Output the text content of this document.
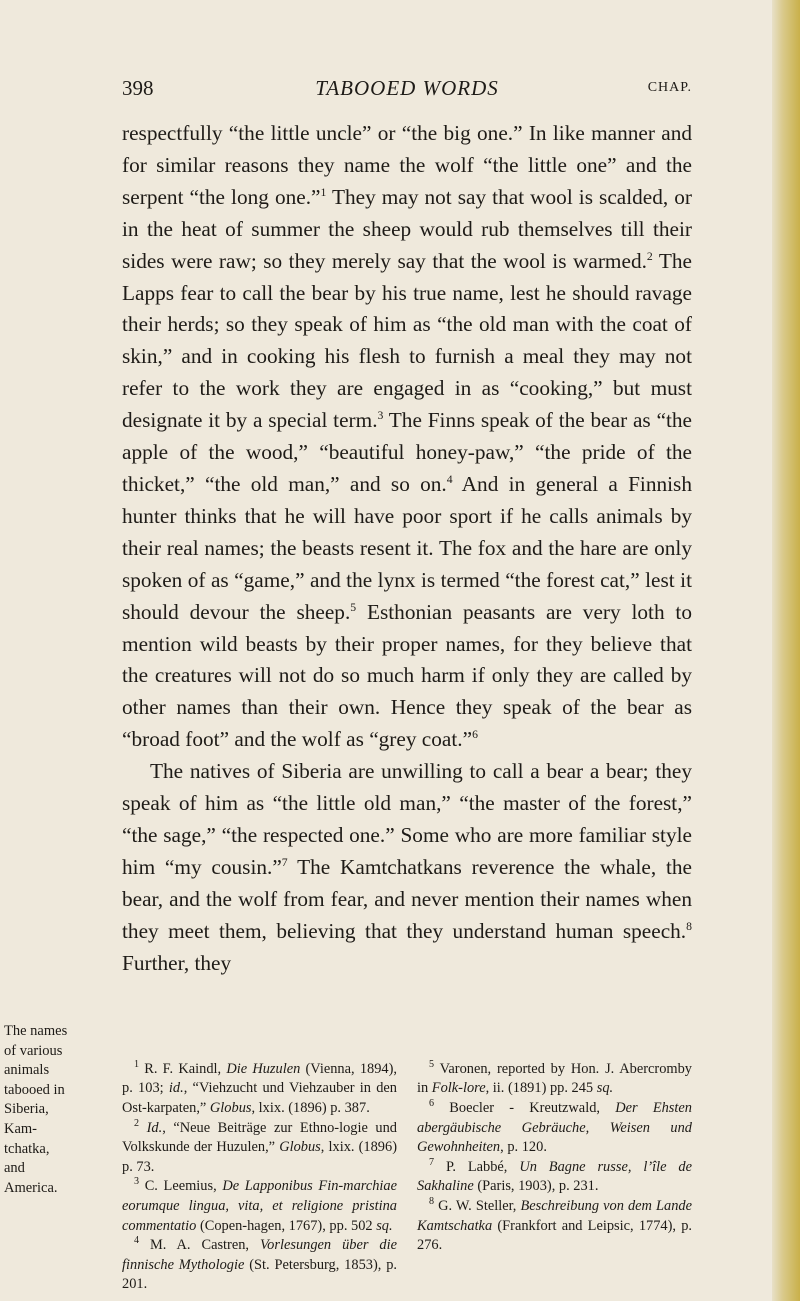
398	TABOOED WORDS	CHAP.

respectfully “the little uncle” or “the big one.” In like manner and for similar reasons they name the wolf “the little one” and the serpent “the long one.”$^1$ They may not say that wool is scalded, or in the heat of summer the sheep would rub themselves till their sides were raw; so they merely say that the wool is warmed.$^2$ The Lapps fear to call the bear by his true name, lest he should ravage their herds; so they speak of him as “the old man with the coat of skin,” and in cooking his flesh to furnish a meal they may not refer to the work they are engaged in as “cooking,” but must designate it by a special term.$^3$ The Finns speak of the bear as “the apple of the wood,” “beautiful honey-paw,” “the pride of the thicket,” “the old man,” and so on.$^4$ And in general a Finnish hunter thinks that he will have poor sport if he calls animals by their real names; the beasts resent it. The fox and the hare are only spoken of as “game,” and the lynx is termed “the forest cat,” lest it should devour the sheep.$^5$ Esthonian peasants are very loth to mention wild beasts by their proper names, for they believe that the creatures will not do so much harm if only they are called by other names than their own. Hence they speak of the bear as “broad foot” and the wolf as “grey coat.”$^6$

The natives of Siberia are unwilling to call a bear a bear; they speak of him as “the little old man,” “the master of the forest,” “the sage,” “the respected one.” Some who are more familiar style him “my cousin.”$^7$ The Kamtchatkans reverence the whale, the bear, and the wolf from fear, and never mention their names when they meet them, believing that they understand human speech.$^8$ Further, they

The names
of various
animals
tabooed in
Siberia,
Kam-
tchatka,
and
America.

$^1$ R. F. Kaindl, Die Huzulen (Vienna, 1894), p. 103; id., “Viehzucht und Viehzauber in den Ost-karpaten,” Globus, lxix. (1896) p. 387.

$^2$ Id., “Neue Beiträge zur Ethno-logie und Volkskunde der Huzulen,” Globus, lxix. (1896) p. 73.

$^3$ C. Leemius, De Lapponibus Fin-marchiae eorumque lingua, vita, et religione pristina commentatio (Copen-hagen, 1767), pp. 502 sq.

$^4$ M. A. Castren, Vorlesungen über die finnische Mythologie (St. Petersburg, 1853), p. 201.

$^5$ Varonen, reported by Hon. J. Abercromby in Folk-lore, ii. (1891) pp. 245 sq.

$^6$ Boecler - Kreutzwald, Der Ehsten abergäubische Gebräuche, Weisen und Gewohnheiten, p. 120.

$^7$ P. Labbé, Un Bagne russe, l’île de Sakhaline (Paris, 1903), p. 231.

$^8$ G. W. Steller, Beschreibung von dem Lande Kamtschatka (Frankfort and Leipsic, 1774), p. 276.
